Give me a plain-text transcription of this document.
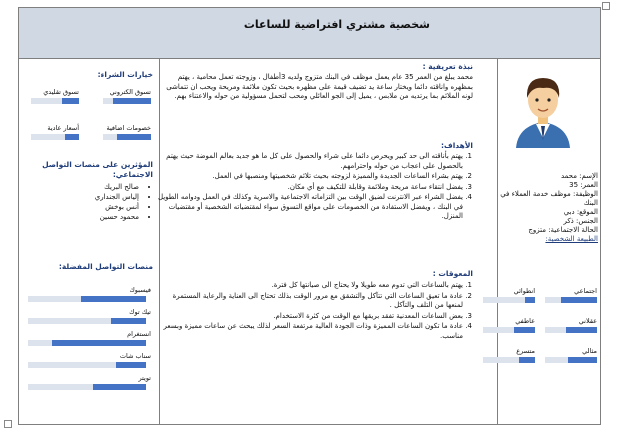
شخصية مشتري افتراضية للساعات
الإسم: محمد
العمر: 35
الوظيفة: موظف خدمة العملاء في البنك
الموقع: دبي
الجنس: ذكر
الحالة الاجتماعية: متزوج
الطبيعة الشخصية:
اجتماعي
انطوائي
عقلاني
عاطفي
مثالي
متسرع
نبذة تعريفية :
محمد يبلغ من العمر 35 عام يعمل موظف في البنك متزوج ولديه 3أطفال ، وزوجته تعمل محامية ، يهتم بمظهره واناقته دائما ويختار ساعة يد تضيف قيمة على مظهره بحيث تكون ملائمة ومريحة ويحب ان تتماشى لونه الملائم بما يرتديه من ملابس ، يميل إلى الجو العائلي ومحب لتحمل مسؤولية من حوله والاعتناء بهم.
الأهداف:
1. يهتم بأناقته الى حد كبير ويحرص دائما على شراء والحصول على كل ما هو جديد بعالم الموضة حيث يهتم بالحصول على اعجاب من حوله واحترامهم.
2. يهتم بشراء الساعات الجديدة والمميزة لزوجته بحيث تلائم شخصيتها ومنصبها في العمل.
3. يفضل انتقاء ساعة مريحة وملائمة وقابلة للتكيف مع أي مكان.
4. يفضل الشراء عبر الانترنت لضيق الوقت بين التزاماته الاجتماعية والاسرية وكذلك في العمل ودوامه الطويل في البنك ، ويفضل الاستفادة من الخصومات على مواقع التسوق سواء لمقتضياته الشخصية أو مقتضيات المنزل.
المعوقات :
1. يهتم بالساعات التي تدوم معه طويلا ولا يحتاج الى صيانتها كل فترة.
2. عادة ما تعيق الساعات التي تتآكل والتشقق مع مرور الوقت بذلك تحتاج الى العناية والرعاية المستمرة لمنعها من التلف والتآكل .
3. بعض الساعات المعدنية تفقد بريقها مع الوقت من كثرة الاستخدام.
4. عادة ما تكون الساعات المميزة وذات الجودة العالية مرتفعة السعر لذلك يبحث عن ساعات مميزة وبسعر مناسب.
خيارات الشراء:
تسوق الكتروني
تسوق تقليدي
خصومات اضافية
أسعار عادية
المؤثرين على منصات التواصل الاجتماعي:
• صالح البريك
• إلياس الجنداري
• أنس بوخش
• محمود حسين
منصات التواصل المفضلة:
فيسبوك
تيك توك
انستغرام
سناب شات
تويتر
